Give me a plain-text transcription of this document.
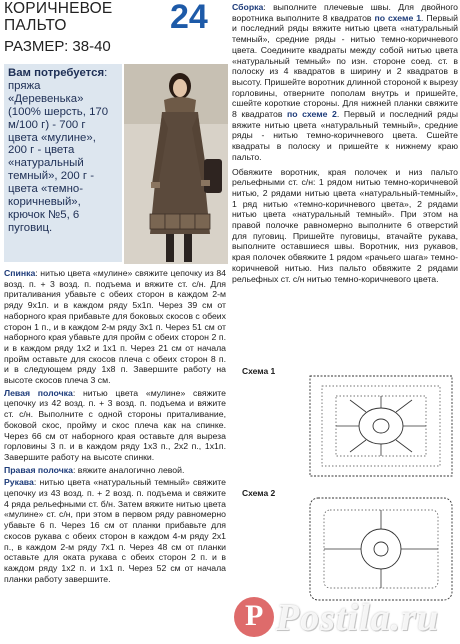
КОРИЧНЕВОЕ
ПАЛЬТО	24
РАЗМЕР: 38-40
Вам потребуется: пряжа «Деревенька» (100% шерсть, 170 м/100 г) - 700 г цвета «мулине», 200 г - цвета «натуральный темный», 200 г - цвета «темно-коричневый», крючок №5, 6 пуговиц.

Спинка: нитью цвета «мулине» свяжите цепочку из 84 возд. п. + 3 возд. п. подъема и вяжите ст. с/н. Для приталивания убавьте с обеих сторон в каждом 2-м ряду 9х1п. и в каждом ряду 5х1п. Через 39 см от наборного края прибавьте для боковых скосов с обеих сторон 1 п., и в каждом 2-м ряду 3х1 п. Через 51 см от наборного края убавьте для пройм с обеих сторон 2 п. и в каждом ряду 1х2 и 1х1 п. Через 21 см от начала пройм оставьте для скосов плеча с обеих сторон 8 п. и в следующем ряду 1х8 п. Завершите работу на высоте скосов плеча 3 см.

Левая полочка: нитью цвета «мулине» свяжите цепочку из 42 возд. п. + 3 возд. п. подъема и вяжите ст. с/н. Выполните с одной стороны приталивание, боковой скос, пройму и скос плеча как на спинке. Через 66 см от наборного края оставьте для выреза горловины 3 п. и в каждом ряду 1х3 п., 2х2 п., 1х1п. Завершите работу на высоте спинки.

Правая полочка: вяжите аналогично левой.

Рукава: нитью цвета «натуральный темный» свяжите цепочку из 43 возд. п. + 2 возд. п. подъема и свяжите 4 ряда рельефными ст. б/н. Затем вяжите нитью цвета «мулине» ст. с/н, при этом в первом ряду равномерно убавьте 6 п. Через 16 см от планки прибавьте для скосов рукава с обеих сторон в каждом 4-м ряду 2х1 п., в каждом 2-м ряду 7х1 п. Через 48 см от планки оставьте для оката рукава с обеих сторон 2 п. и в каждом ряду 1х2 п. и 1х1 п. Через 52 см от начала планки работу завершите.

Сборка: выполните плечевые швы. Для двойного воротника выполните 8 квадратов по схеме 1. Первый и последний ряды вяжите нитью цвета «натуральный темный», средние ряды - нитью темно-коричневого цвета. Соедините квадраты между собой нитью цвета «натуральный темный» по изн. стороне соед. ст. в полоску из 4 квадратов в ширину и 2 квадратов в высоту. Пришейте воротник длинной стороной к вырезу горловины, отверните пополам внутрь и пришейте, сшейте короткие стороны. Для нижней планки свяжите 8 квадратов по схеме 2. Первый и последний ряды вяжите нитью цвета «натуральный темный», средние ряды - нитью темно-коричневого цвета. Сшейте квадраты в полоску и пришейте к нижнему краю пальто.

Обвяжите воротник, края полочек и низ пальто рельефными ст. с/н: 1 рядом нитью темно-коричневой нитью, 2 рядами нитью цвета «натуральный-темный», 1 ряд нитью «темно-коричневого цвета», 2 рядами нитью цвета «натуральный темный». При этом на правой полочке равномерно выполните 6 отверстий для пуговиц. Пришейте пуговицы, втачайте рукава, выполните оставшиеся швы. Воротник, низ рукавов, края полочек обвяжите 1 рядом «рачьего шага» темно-коричневой нитью. Низ пальто обвяжите 2 рядами рельефных ст. с/н нитью темно-коричневого цвета.

Схема 1
Схема 2
P Postila.ru
